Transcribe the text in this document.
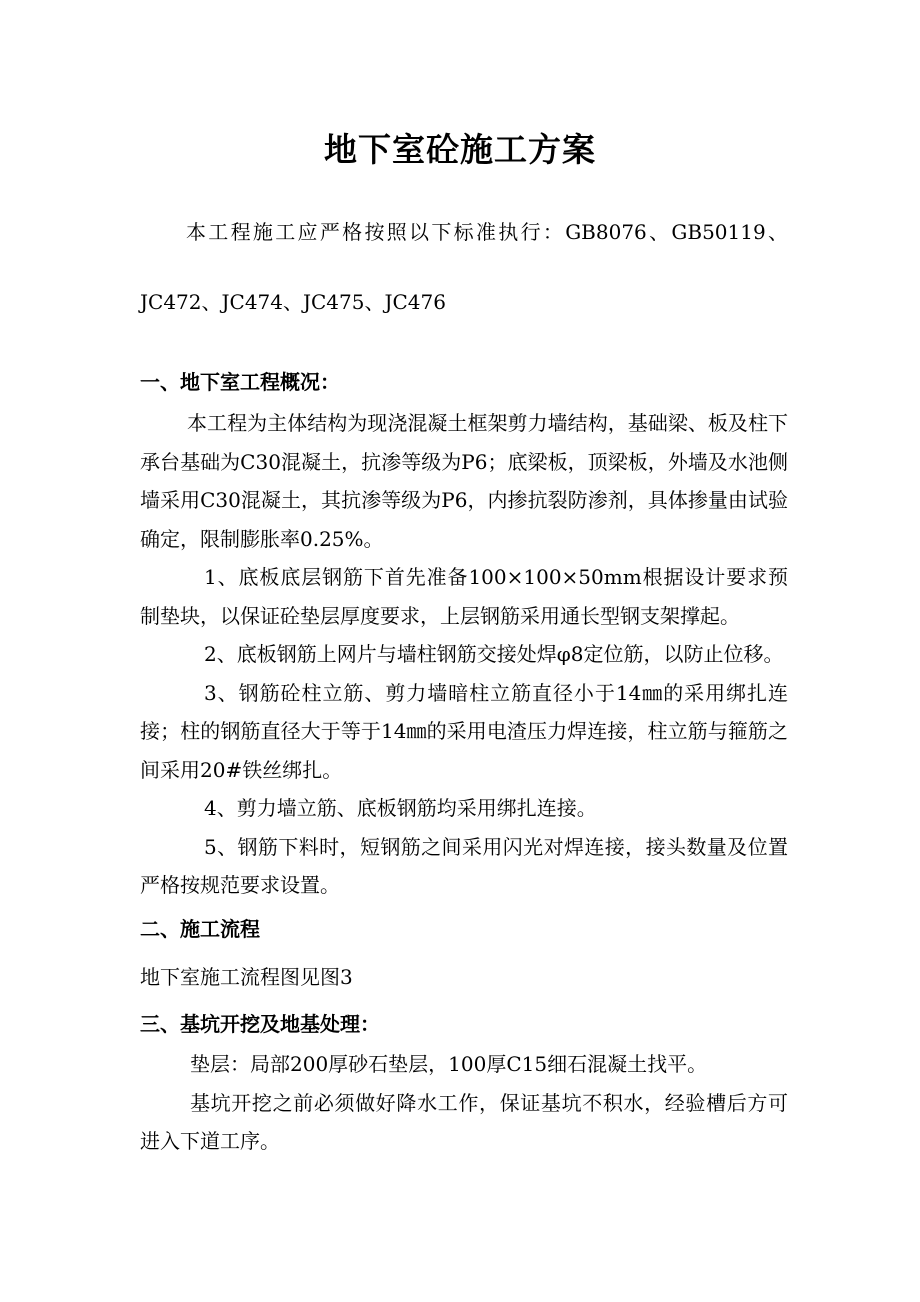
地下室砼施工方案

本工程施工应严格按照以下标准执行：GB8076、GB50119、JC472、JC474、JC475、JC476

一、地下室工程概况：

本工程为主体结构为现浇混凝土框架剪力墙结构，基础梁、板及柱下承台基础为C30混凝土，抗渗等级为P6；底梁板，顶梁板，外墙及水池侧墙采用C30混凝土，其抗渗等级为P6，内掺抗裂防渗剂，具体掺量由试验确定，限制膨胀率0.25%。

1、底板底层钢筋下首先准备100×100×50mm根据设计要求预制垫块，以保证砼垫层厚度要求，上层钢筋采用通长型钢支架撑起。

2、底板钢筋上网片与墙柱钢筋交接处焊φ8定位筋，以防止位移。

3、钢筋砼柱立筋、剪力墙暗柱立筋直径小于14㎜的采用绑扎连接；柱的钢筋直径大于等于14㎜的采用电渣压力焊连接，柱立筋与箍筋之间采用20#铁丝绑扎。

4、剪力墙立筋、底板钢筋均采用绑扎连接。

5、钢筋下料时，短钢筋之间采用闪光对焊连接，接头数量及位置严格按规范要求设置。

二、施工流程

地下室施工流程图见图3

三、基坑开挖及地基处理：

垫层：局部200厚砂石垫层，100厚C15细石混凝土找平。

基坑开挖之前必须做好降水工作，保证基坑不积水，经验槽后方可进入下道工序。
